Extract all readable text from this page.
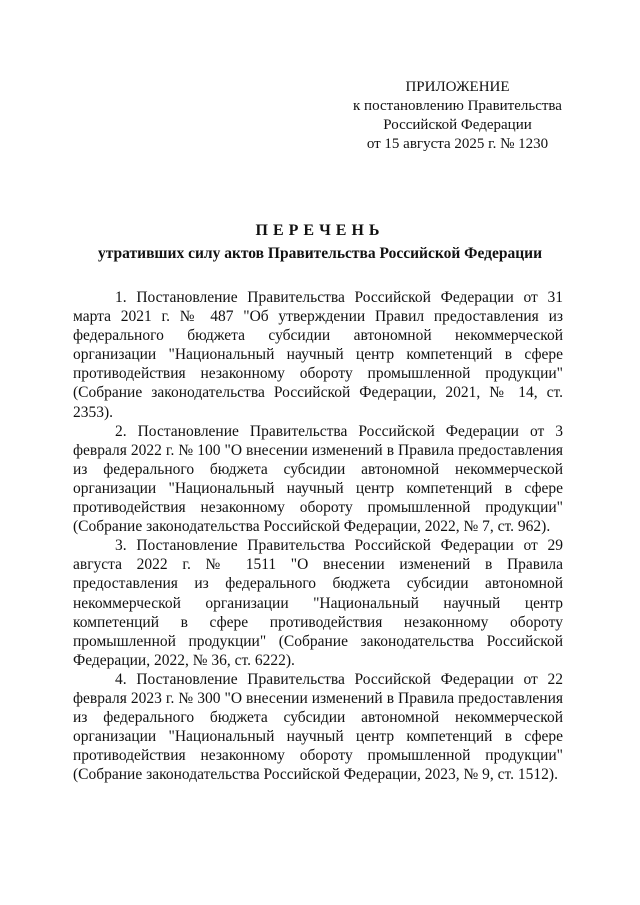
ПРИЛОЖЕНИЕ
к постановлению Правительства
Российской Федерации
от 15 августа 2025 г. № 1230
ПЕРЕЧЕНЬ
утративших силу актов Правительства Российской Федерации

1. Постановление Правительства Российской Федерации от 31 марта 2021 г. № 487 "Об утверждении Правил предоставления из федерального бюджета субсидии автономной некоммерческой организации "Национальный научный центр компетенций в сфере противодействия незаконному обороту промышленной продукции" (Собрание законодательства Российской Федерации, 2021, № 14, ст. 2353).

2. Постановление Правительства Российской Федерации от 3 февраля 2022 г. № 100 "О внесении изменений в Правила предоставления из федерального бюджета субсидии автономной некоммерческой организации "Национальный научный центр компетенций в сфере противодействия незаконному обороту промышленной продукции" (Собрание законодательства Российской Федерации, 2022, № 7, ст. 962).

3. Постановление Правительства Российской Федерации от 29 августа 2022 г. № 1511 "О внесении изменений в Правила предоставления из федерального бюджета субсидии автономной некоммерческой организации "Национальный научный центр компетенций в сфере противодействия незаконному обороту промышленной продукции" (Собрание законодательства Российской Федерации, 2022, № 36, ст. 6222).

4. Постановление Правительства Российской Федерации от 22 февраля 2023 г. № 300 "О внесении изменений в Правила предоставления из федерального бюджета субсидии автономной некоммерческой организации "Национальный научный центр компетенций в сфере противодействия незаконному обороту промышленной продукции" (Собрание законодательства Российской Федерации, 2023, № 9, ст. 1512).
